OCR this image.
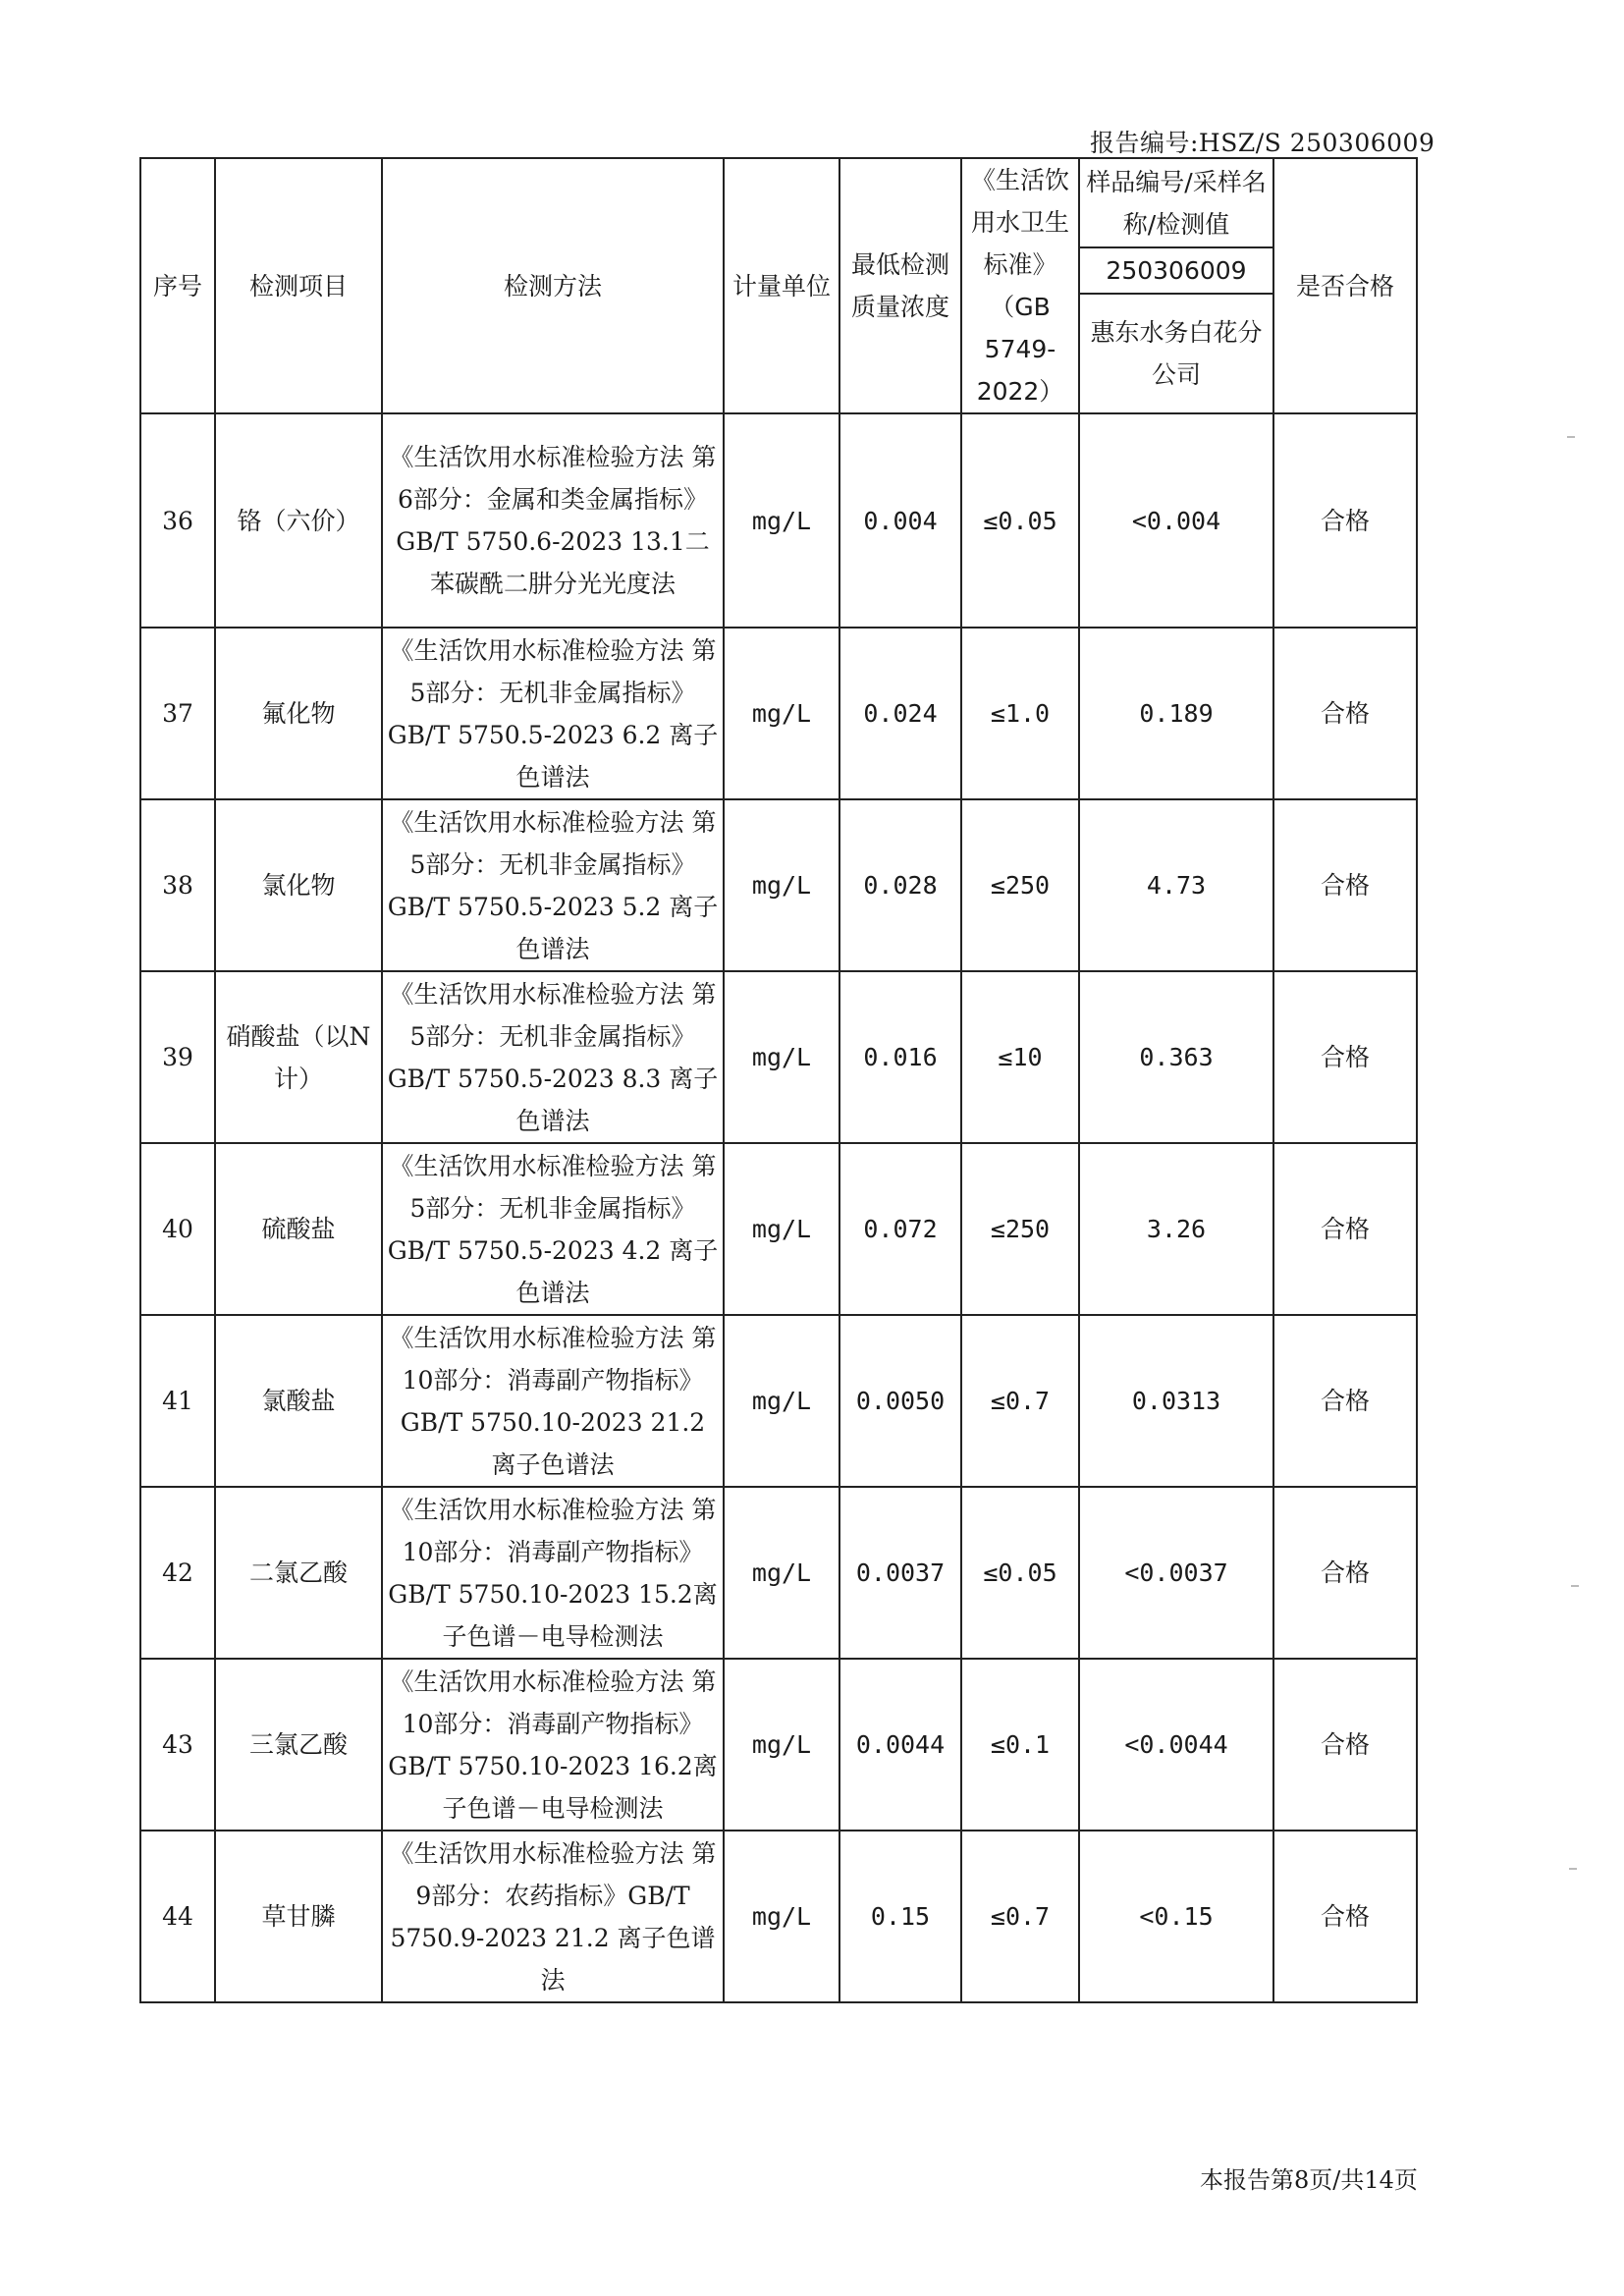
报告编号:HSZ/S 250306009
序号	检测项目	检测方法	计量单位	最低检测质量浓度	《生活饮用水卫生标准》（GB 5749-2022）	样品编号/采样名称/检测值	是否合格
						250306009	
						惠东水务白花分公司	
36	铬（六价）	《生活饮用水标准检验方法 第6部分：金属和类金属指标》GB/T 5750.6-2023 13.1二苯碳酰二肼分光光度法	mg/L	0.004	≤0.05	<0.004	合格
37	氟化物	《生活饮用水标准检验方法 第5部分：无机非金属指标》GB/T 5750.5-2023 6.2 离子色谱法	mg/L	0.024	≤1.0	0.189	合格
38	氯化物	《生活饮用水标准检验方法 第5部分：无机非金属指标》GB/T 5750.5-2023 5.2 离子色谱法	mg/L	0.028	≤250	4.73	合格
39	硝酸盐（以N计）	《生活饮用水标准检验方法 第5部分：无机非金属指标》GB/T 5750.5-2023 8.3 离子色谱法	mg/L	0.016	≤10	0.363	合格
40	硫酸盐	《生活饮用水标准检验方法 第5部分：无机非金属指标》GB/T 5750.5-2023 4.2 离子色谱法	mg/L	0.072	≤250	3.26	合格
41	氯酸盐	《生活饮用水标准检验方法 第10部分：消毒副产物指标》GB/T 5750.10-2023 21.2 离子色谱法	mg/L	0.0050	≤0.7	0.0313	合格
42	二氯乙酸	《生活饮用水标准检验方法 第10部分：消毒副产物指标》GB/T 5750.10-2023 15.2离子色谱－电导检测法	mg/L	0.0037	≤0.05	<0.0037	合格
43	三氯乙酸	《生活饮用水标准检验方法 第10部分：消毒副产物指标》GB/T 5750.10-2023 16.2离子色谱－电导检测法	mg/L	0.0044	≤0.1	<0.0044	合格
44	草甘膦	《生活饮用水标准检验方法 第9部分：农药指标》GB/T 5750.9-2023 21.2 离子色谱法	mg/L	0.15	≤0.7	<0.15	合格
本报告第8页/共14页
